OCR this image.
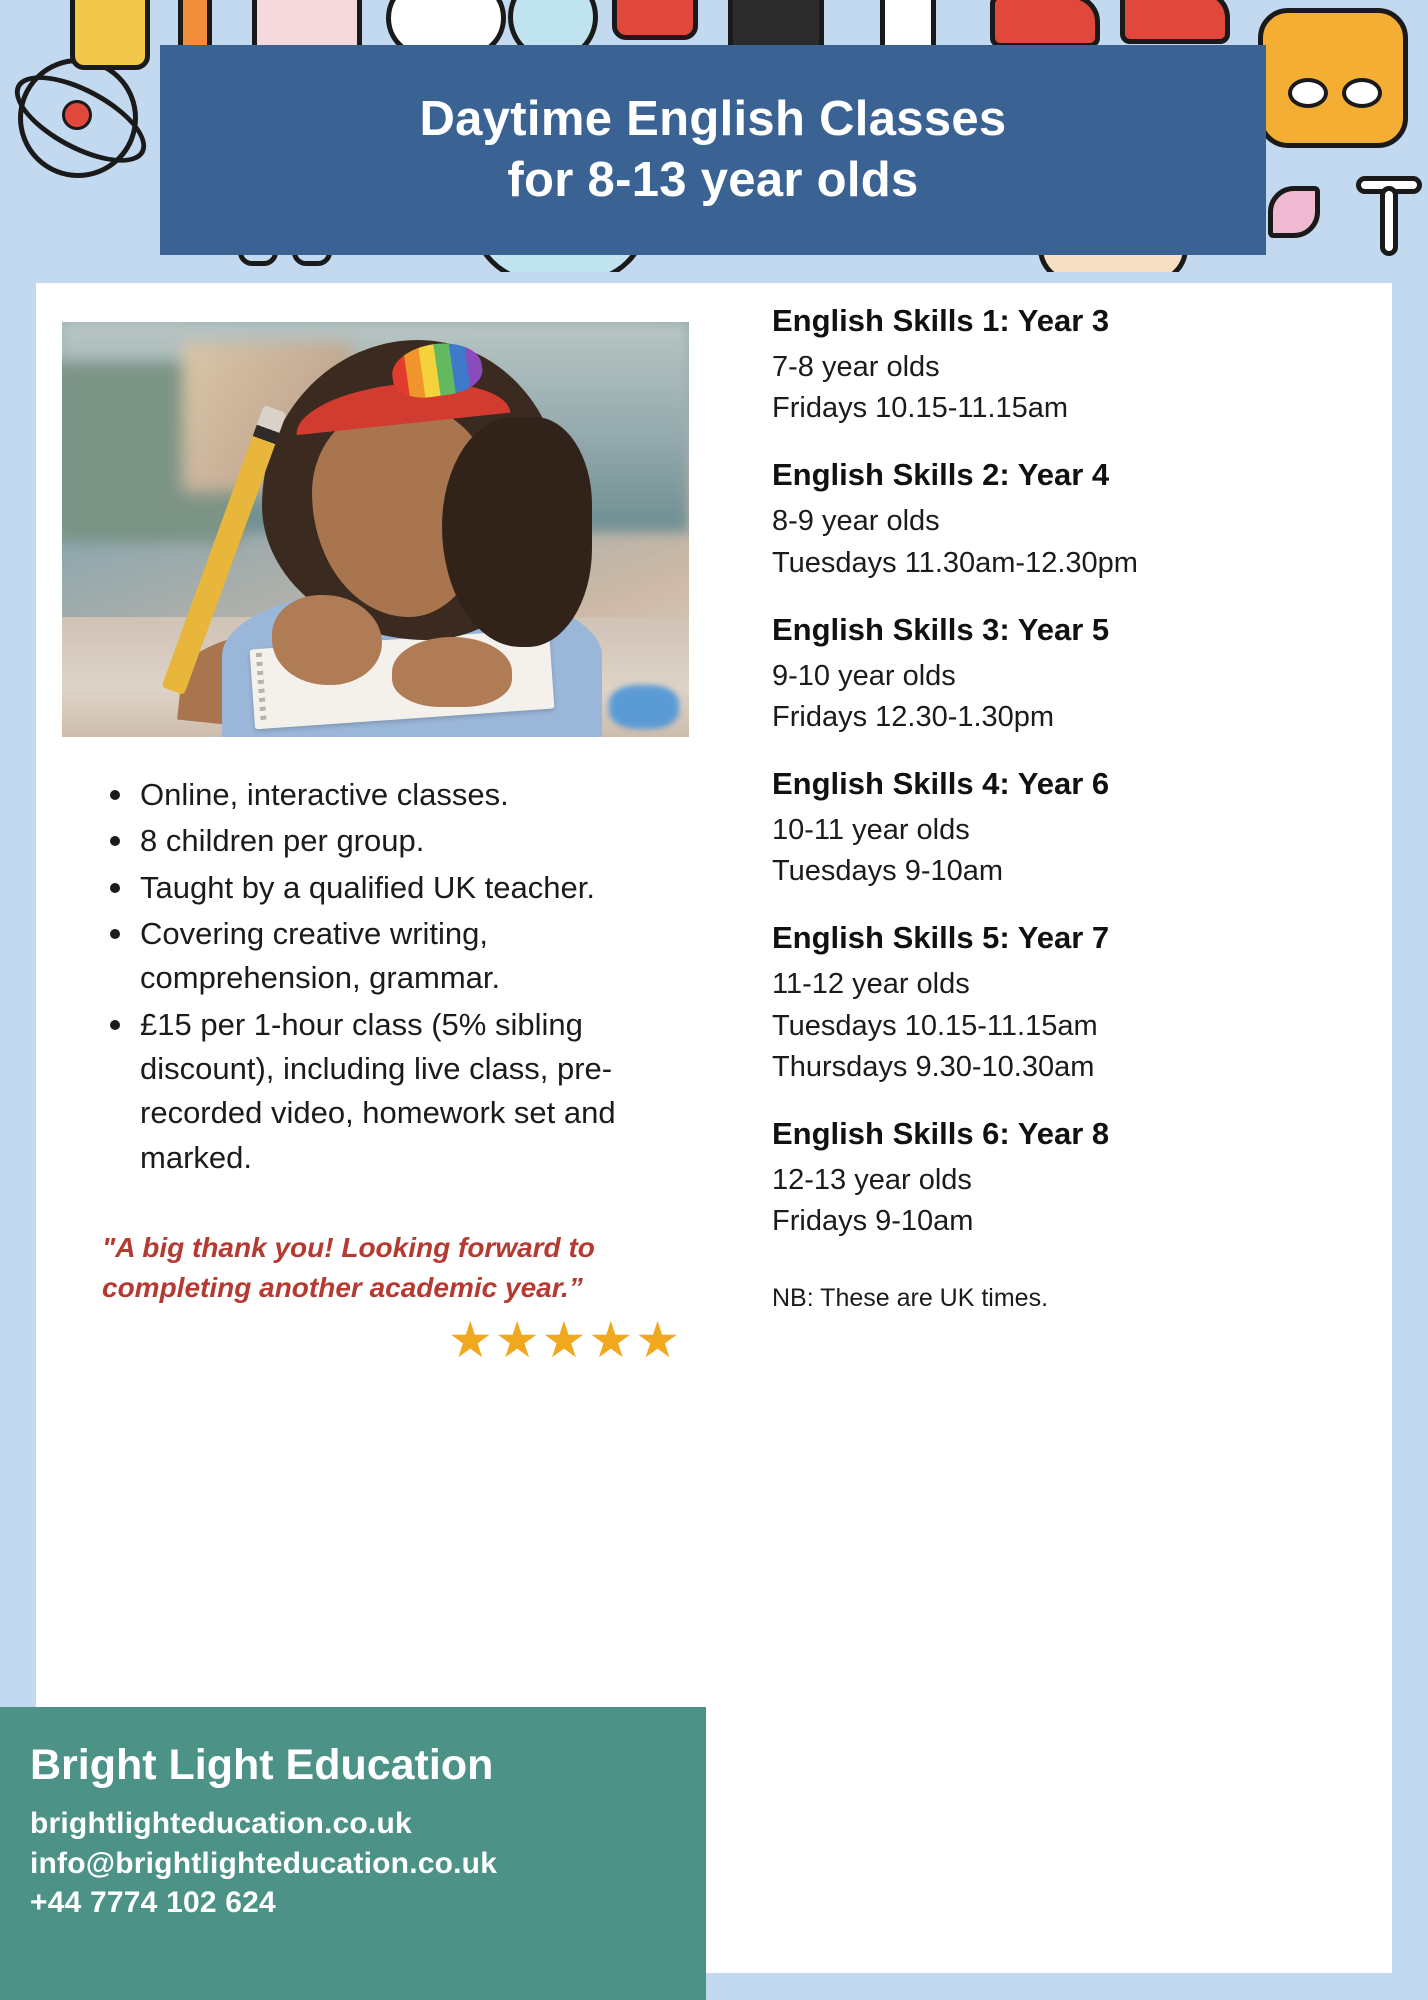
Daytime English Classes
for 8-13 year olds
Online, interactive classes.
8 children per group.
Taught by a qualified UK teacher.
Covering creative writing, comprehension, grammar.
£15 per 1-hour class (5% sibling discount), including live class, pre-recorded video, homework set and marked.
"A big thank you! Looking forward to completing another academic year.”
★★★★★
English Skills 1: Year 3
7-8 year olds
Fridays 10.15-11.15am
English Skills 2: Year 4
8-9 year olds
Tuesdays 11.30am-12.30pm
English Skills 3: Year 5
9-10 year olds
Fridays 12.30-1.30pm
English Skills 4: Year 6
10-11 year olds
Tuesdays 9-10am
English Skills 5: Year 7
11-12 year olds
Tuesdays 10.15-11.15am
Thursdays 9.30-10.30am
English Skills 6: Year 8
12-13 year olds
Fridays 9-10am
NB: These are UK times.
Bright Light Education
brightlighteducation.co.uk
info@brightlighteducation.co.uk
+44 7774 102 624
